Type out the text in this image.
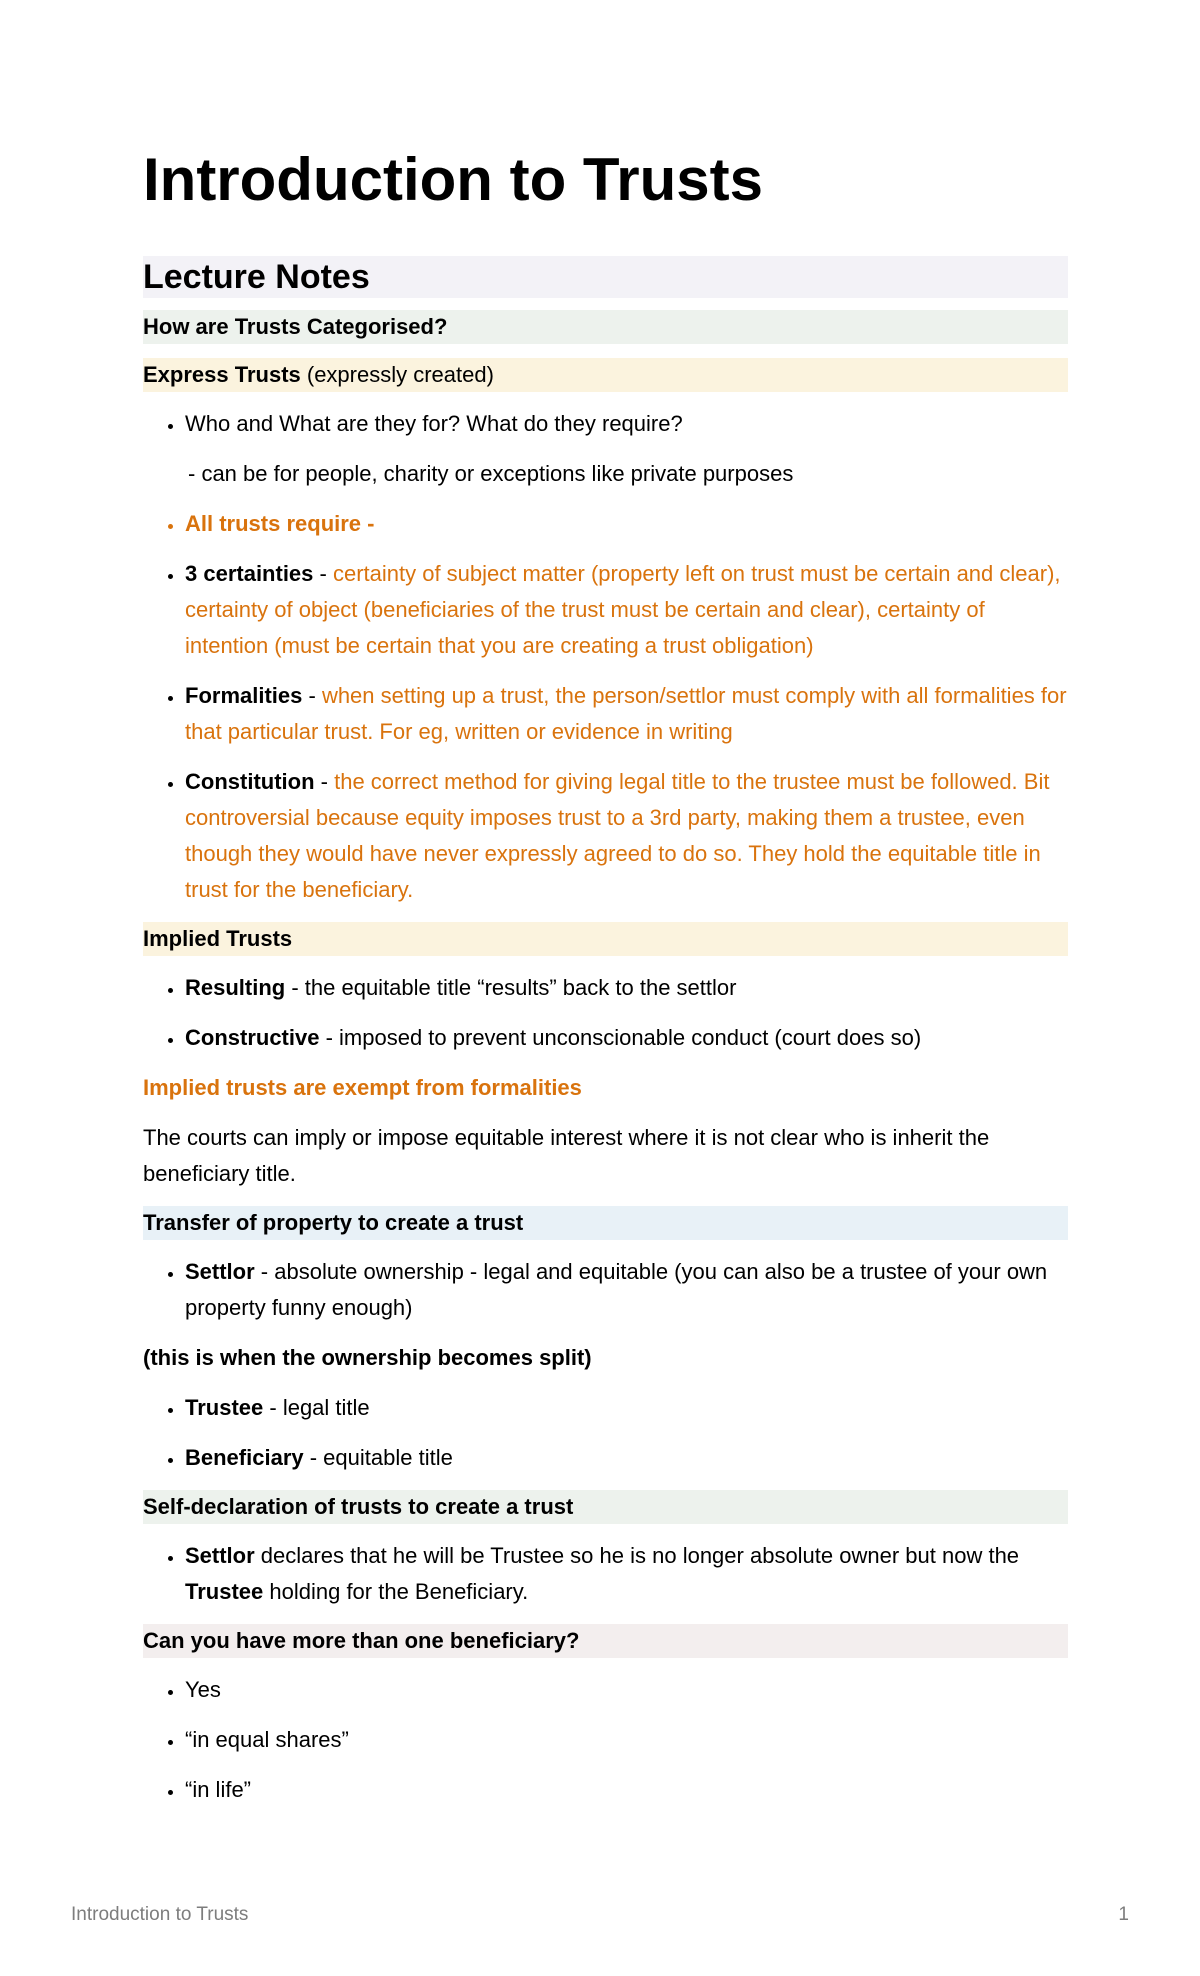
Introduction to Trusts
Lecture Notes
How are Trusts Categorised?
Express Trusts (expressly created)
• Who and What are they for? What do they require?
- can be for people, charity or exceptions like private purposes
• All trusts require -
• 3 certainties - certainty of subject matter (property left on trust must be certain and clear), certainty of object (beneficiaries of the trust must be certain and clear), certainty of intention (must be certain that you are creating a trust obligation)
• Formalities - when setting up a trust, the person/settlor must comply with all formalities for that particular trust. For eg, written or evidence in writing
• Constitution - the correct method for giving legal title to the trustee must be followed. Bit controversial because equity imposes trust to a 3rd party, making them a trustee, even though they would have never expressly agreed to do so. They hold the equitable title in trust for the beneficiary.
Implied Trusts
• Resulting - the equitable title “results” back to the settlor
• Constructive - imposed to prevent unconscionable conduct (court does so)
Implied trusts are exempt from formalities
The courts can imply or impose equitable interest where it is not clear who is inherit the beneficiary title.
Transfer of property to create a trust
• Settlor - absolute ownership - legal and equitable (you can also be a trustee of your own property funny enough)
(this is when the ownership becomes split)
• Trustee - legal title
• Beneficiary - equitable title
Self-declaration of trusts to create a trust
• Settlor declares that he will be Trustee so he is no longer absolute owner but now the Trustee holding for the Beneficiary.
Can you have more than one beneficiary?
• Yes
• “in equal shares”
• “in life”
Introduction to Trusts	1
